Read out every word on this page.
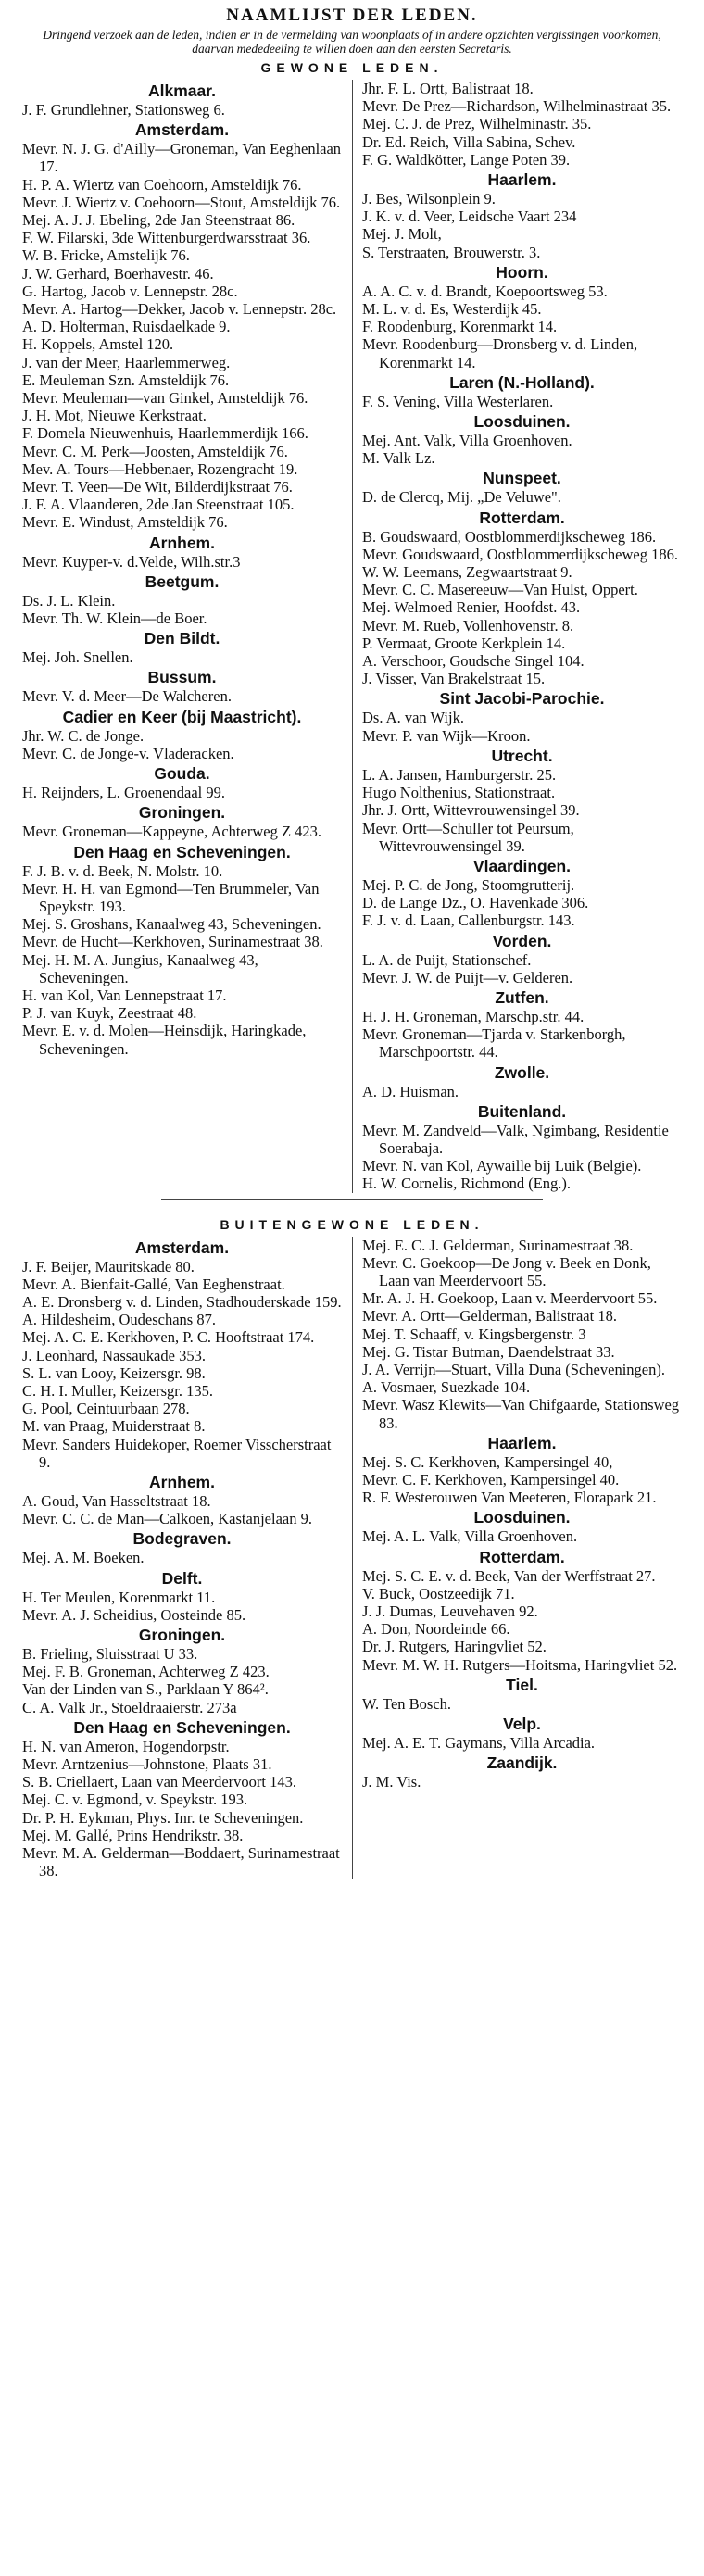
NAAMLIJST DER LEDEN.
Dringend verzoek aan de leden, indien er in de vermelding van woonplaats of in andere opzichten vergissingen voorkomen, daarvan mededeeling te willen doen aan den eersten Secretaris.
GEWONE LEDEN.
Alkmaar.
J. F. Grundlehner, Stationsweg 6.
Amsterdam.
Mevr. N. J. G. d'Ailly—Groneman, Van Eeghenlaan 17.
H. P. A. Wiertz van Coehoorn, Amsteldijk 76.
Mevr. J. Wiertz v. Coehoorn—Stout, Amsteldijk 76.
Mej. A. J. J. Ebeling, 2de Jan Steenstraat 86.
F. W. Filarski, 3de Wittenburgerdwarsstraat 36.
W. B. Fricke, Amstelijk 76.
J. W. Gerhard, Boerhavestr. 46.
G. Hartog, Jacob v. Lennepstr. 28c.
Mevr. A. Hartog—Dekker, Jacob v. Lennepstr. 28c.
A. D. Holterman, Ruisdaelkade 9.
H. Koppels, Amstel 120.
J. van der Meer, Haarlemmerweg.
E. Meuleman Szn. Amsteldijk 76.
Mevr. Meuleman—van Ginkel, Amsteldijk 76.
J. H. Mot, Nieuwe Kerkstraat.
F. Domela Nieuwenhuis, Haarlemmerdijk 166.
Mevr. C. M. Perk—Joosten, Amsteldijk 76.
Mev. A. Tours—Hebbenaer, Rozengracht 19.
Mevr. T. Veen—De Wit, Bilderdijkstraat 76.
J. F. A. Vlaanderen, 2de Jan Steenstraat 105.
Mevr. E. Windust, Amsteldijk 76.
Arnhem.
Mevr. Kuyper-v. d.Velde, Wilh.str.3
Beetgum.
Ds. J. L. Klein.
Mevr. Th. W. Klein—de Boer.
Den Bildt.
Mej. Joh. Snellen.
Bussum.
Mevr. V. d. Meer—De Walcheren.
Cadier en Keer (bij Maastricht).
Jhr. W. C. de Jonge.
Mevr. C. de Jonge-v. Vladeracken.
Gouda.
H. Reijnders, L. Groenendaal 99.
Groningen.
Mevr. Groneman—Kappeyne, Achterweg Z 423.
Den Haag en Scheveningen.
F. J. B. v. d. Beek, N. Molstr. 10.
Mevr. H. H. van Egmond—Ten Brummeler, Van Speykstr. 193.
Mej. S. Groshans, Kanaalweg 43, Scheveningen.
Mevr. de Hucht—Kerkhoven, Surinamestraat 38.
Mej. H. M. A. Jungius, Kanaalweg 43, Scheveningen.
H. van Kol, Van Lennepstraat 17.
P. J. van Kuyk, Zeestraat 48.
Mevr. E. v. d. Molen—Heinsdijk, Haringkade, Scheveningen.
Jhr. F. L. Ortt, Balistraat 18.
Mevr. De Prez—Richardson, Wilhelminastraat 35.
Mej. C. J. de Prez, Wilhelminastr. 35.
Dr. Ed. Reich, Villa Sabina, Schev.
F. G. Waldkötter, Lange Poten 39.
Haarlem.
J. Bes, Wilsonplein 9.
J. K. v. d. Veer, Leidsche Vaart 234
Mej. J. Molt,
S. Terstraaten, Brouwerstr. 3.
Hoorn.
A. A. C. v. d. Brandt, Koepoortsweg 53.
M. L. v. d. Es, Westerdijk 45.
F. Roodenburg, Korenmarkt 14.
Mevr. Roodenburg—Dronsberg v. d. Linden, Korenmarkt 14.
Laren (N.-Holland).
F. S. Vening, Villa Westerlaren.
Loosduinen.
Mej. Ant. Valk, Villa Groenhoven.
M. Valk Lz.
Nunspeet.
D. de Clercq, Mij. „De Veluwe".
Rotterdam.
B. Goudswaard, Oostblommerdijkscheweg 186.
Mevr. Goudswaard, Oostblommerdijkscheweg 186.
W. W. Leemans, Zegwaartstraat 9.
Mevr. C. C. Masereeuw—Van Hulst, Oppert.
Mej. Welmoed Renier, Hoofdst. 43.
Mevr. M. Rueb, Vollenhovenstr. 8.
P. Vermaat, Groote Kerkplein 14.
A. Verschoor, Goudsche Singel 104.
J. Visser, Van Brakelstraat 15.
Sint Jacobi-Parochie.
Ds. A. van Wijk.
Mevr. P. van Wijk—Kroon.
Utrecht.
L. A. Jansen, Hamburgerstr. 25.
Hugo Nolthenius, Stationstraat.
Jhr. J. Ortt, Wittevrouwensingel 39.
Mevr. Ortt—Schuller tot Peursum, Wittevrouwensingel 39.
Vlaardingen.
Mej. P. C. de Jong, Stoomgrutterij.
D. de Lange Dz., O. Havenkade 306.
F. J. v. d. Laan, Callenburgstr. 143.
Vorden.
L. A. de Puijt, Stationschef.
Mevr. J. W. de Puijt—v. Gelderen.
Zutfen.
H. J. H. Groneman, Marschp.str. 44.
Mevr. Groneman—Tjarda v. Starkenborgh, Marschpoortstr. 44.
Zwolle.
A. D. Huisman.
Buitenland.
Mevr. M. Zandveld—Valk, Ngimbang, Residentie Soerabaja.
Mevr. N. van Kol, Aywaille bij Luik (Belgie).
H. W. Cornelis, Richmond (Eng.).
BUITENGEWONE LEDEN.
Amsterdam.
J. F. Beijer, Mauritskade 80.
Mevr. A. Bienfait-Gallé, Van Eeghenstraat.
A. E. Dronsberg v. d. Linden, Stadhouderskade 159.
A. Hildesheim, Oudeschans 87.
Mej. A. C. E. Kerkhoven, P. C. Hooftstraat 174.
J. Leonhard, Nassaukade 353.
S. L. van Looy, Keizersgr. 98.
C. H. I. Muller, Keizersgr. 135.
G. Pool, Ceintuurbaan 278.
M. van Praag, Muiderstraat 8.
Mevr. Sanders Huidekoper, Roemer Visscherstraat 9.
Arnhem.
A. Goud, Van Hasseltstraat 18.
Mevr. C. C. de Man—Calkoen, Kastanjelaan 9.
Bodegraven.
Mej. A. M. Boeken.
Delft.
H. Ter Meulen, Korenmarkt 11.
Mevr. A. J. Scheidius, Oosteinde 85.
Groningen.
B. Frieling, Sluisstraat U 33.
Mej. F. B. Groneman, Achterweg Z 423.
Van der Linden van S., Parklaan Y 864².
C. A. Valk Jr., Stoeldraaierstr. 273a
Den Haag en Scheveningen.
H. N. van Ameron, Hogendorpstr.
Mevr. Arntzenius—Johnstone, Plaats 31.
S. B. Criellaert, Laan van Meerdervoort 143.
Mej. C. v. Egmond, v. Speykstr. 193.
Dr. P. H. Eykman, Phys. Inr. te Scheveningen.
Mej. M. Gallé, Prins Hendrikstr. 38.
Mevr. M. A. Gelderman—Boddaert, Surinamestraat 38.
Mej. E. C. J. Gelderman, Surinamestraat 38.
Mevr. C. Goekoop—De Jong v. Beek en Donk, Laan van Meerdervoort 55.
Mr. A. J. H. Goekoop, Laan v. Meerdervoort 55.
Mevr. A. Ortt—Gelderman, Balistraat 18.
Mej. T. Schaaff, v. Kingsbergenstr. 3
Mej. G. Tistar Butman, Daendelstraat 33.
J. A. Verrijn—Stuart, Villa Duna (Scheveningen).
A. Vosmaer, Suezkade 104.
Mevr. Wasz Klewits—Van Chifgaarde, Stationsweg 83.
Haarlem.
Mej. S. C. Kerkhoven, Kampersingel 40,
Mevr. C. F. Kerkhoven, Kampersingel 40.
R. F. Westerouwen Van Meeteren, Florapark 21.
Loosduinen.
Mej. A. L. Valk, Villa Groenhoven.
Rotterdam.
Mej. S. C. E. v. d. Beek, Van der Werffstraat 27.
V. Buck, Oostzeedijk 71.
J. J. Dumas, Leuvehaven 92.
A. Don, Noordeinde 66.
Dr. J. Rutgers, Haringvliet 52.
Mevr. M. W. H. Rutgers—Hoitsma, Haringvliet 52.
Tiel.
W. Ten Bosch.
Velp.
Mej. A. E. T. Gaymans, Villa Arcadia.
Zaandijk.
J. M. Vis.
